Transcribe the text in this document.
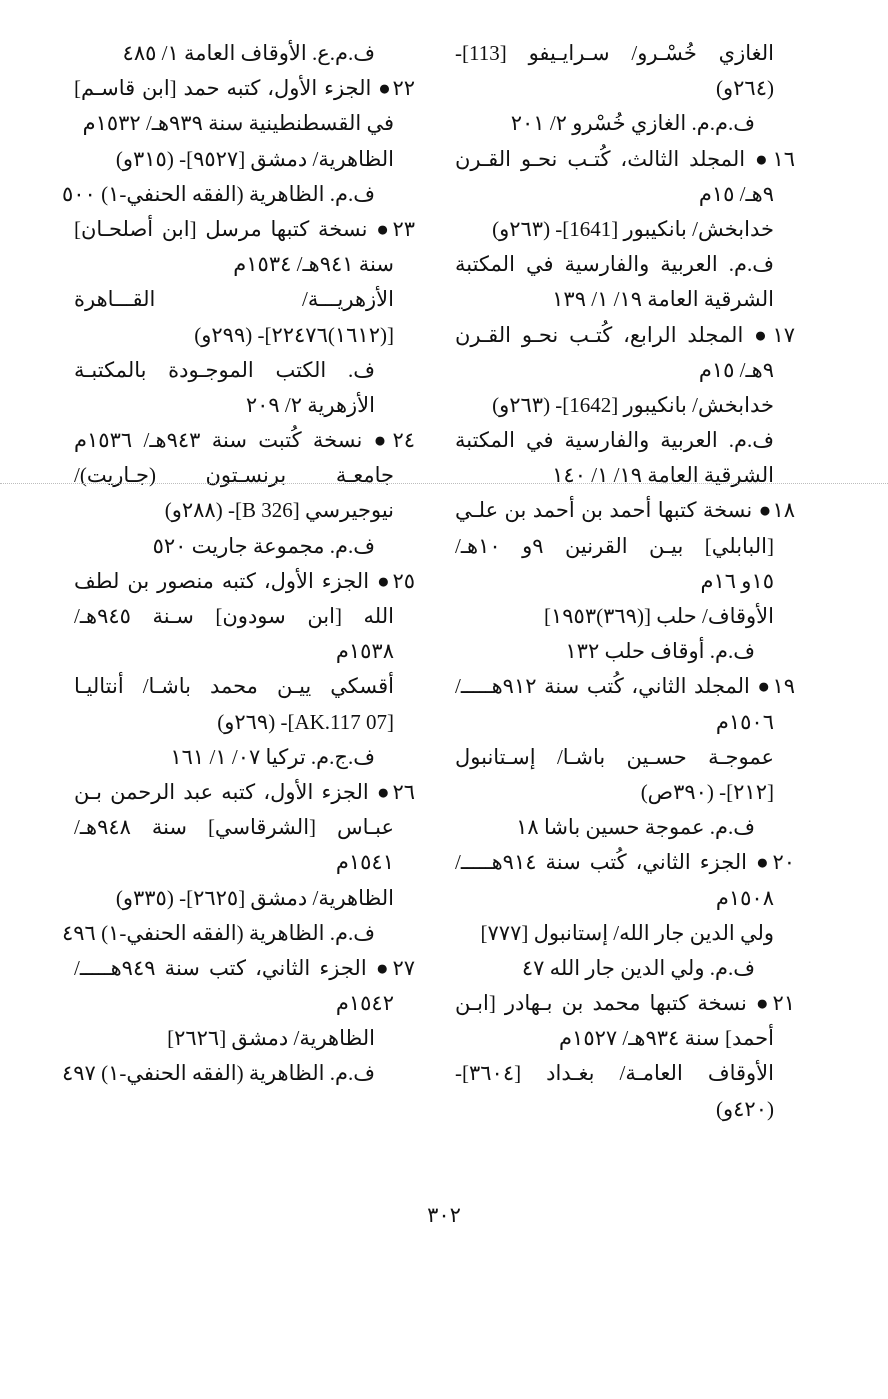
الغازي خُسْـرو/ سـرايـيفو [113]-
(٢٦٤و)
ف.م.م. الغازي خُسْرو ٢/ ٢٠١
١٦● المجلد الثالث، كُتـب نحـو القـرن
٩هـ/ ١٥م
خدابخش/ بانكيبور [1641]- (٢٦٣و)
ف.م. العربية والفارسية في المكتبة
الشرقية العامة ١٩/ ١/ ١٣٩
١٧● المجلد الرابع، كُتـب نحـو القـرن
٩هـ/ ١٥م
خدابخش/ بانكيبور [1642]- (٢٦٣و)
ف.م. العربية والفارسية في المكتبة
الشرقية العامة ١٩/ ١/ ١٤٠
١٨● نسخة كتبها أحمد بن أحمد بن علـي
[البابلي] بيـن القرنين ٩و ١٠هـ/
١٥و ١٦م
الأوقاف/ حلب [(٣٦٩)١٩٥٣]
ف.م. أوقاف حلب ١٣٢
١٩● المجلد الثاني، كُتب سنة ٩١٢هـــــ/
١٥٠٦م
عموجـة حسـين باشـا/ إسـتانبول
[٢١٢]- (٣٩٠ص)
ف.م. عموجة حسين باشا ١٨
٢٠● الجزء الثاني، كُتب سنة ٩١٤هـــــ/
١٥٠٨م
ولي الدين جار الله/ إستانبول [٧٧٧]
ف.م. ولي الدين جار الله ٤٧
٢١● نسخة كتبها محمد بن بـهادر [ابـن
أحمد] سنة ٩٣٤هـ/ ١٥٢٧م
الأوقاف العامـة/ بغـداد [٣٦٠٤]-
(٤٢٠و)
ف.م.ع. الأوقاف العامة ١/ ٤٨٥
٢٢● الجزء الأول، كتبه حمد [ابن قاسـم]
في القسطنطينية سنة ٩٣٩هـ/ ١٥٣٢م
الظاهرية/ دمشق [٩٥٢٧]- (٣١٥و)
ف.م. الظاهرية (الفقه الحنفي-١) ٥٠٠
٢٣● نسخة كتبها مرسل [ابن أصلحـان]
سنة ٩٤١هـ/ ١٥٣٤م
الأزهريـــة/ القـــاهرة
[(١٦١٢)٢٢٤٧٦]- (٢٩٩و)
ف. الكتب الموجـودة بالمكتبـة
الأزهرية ٢/ ٢٠٩
٢٤● نسخة كُتبت سنة ٩٤٣هـ/ ١٥٣٦م
جامعـة برنسـتون (جـاريت)/
نيوجيرسي [326 B]- (٢٨٨و)
ف.م. مجموعة جاريت ٥٢٠
٢٥● الجزء الأول، كتبه منصور بن لطف
الله [ابن سودون] سـنة ٩٤٥هـ/
١٥٣٨م
أقسكي ييـن محمد باشـا/ أنتاليـا
[07 AK.117]- (٢٦٩و)
ف.ج.م. تركيا ٠٧/ ١/ ١٦١
٢٦● الجزء الأول، كتبه عبد الرحمن بـن
عبـاس [الشرقاسي] سنة ٩٤٨هـ/
١٥٤١م
الظاهرية/ دمشق [٢٦٢٥]- (٣٣٥و)
ف.م. الظاهرية (الفقه الحنفي-١) ٤٩٦
٢٧● الجزء الثاني، كتب سنة ٩٤٩هـــــ/
١٥٤٢م
الظاهرية/ دمشق [٢٦٢٦]
ف.م. الظاهرية (الفقه الحنفي-١) ٤٩٧
٣٠٢
